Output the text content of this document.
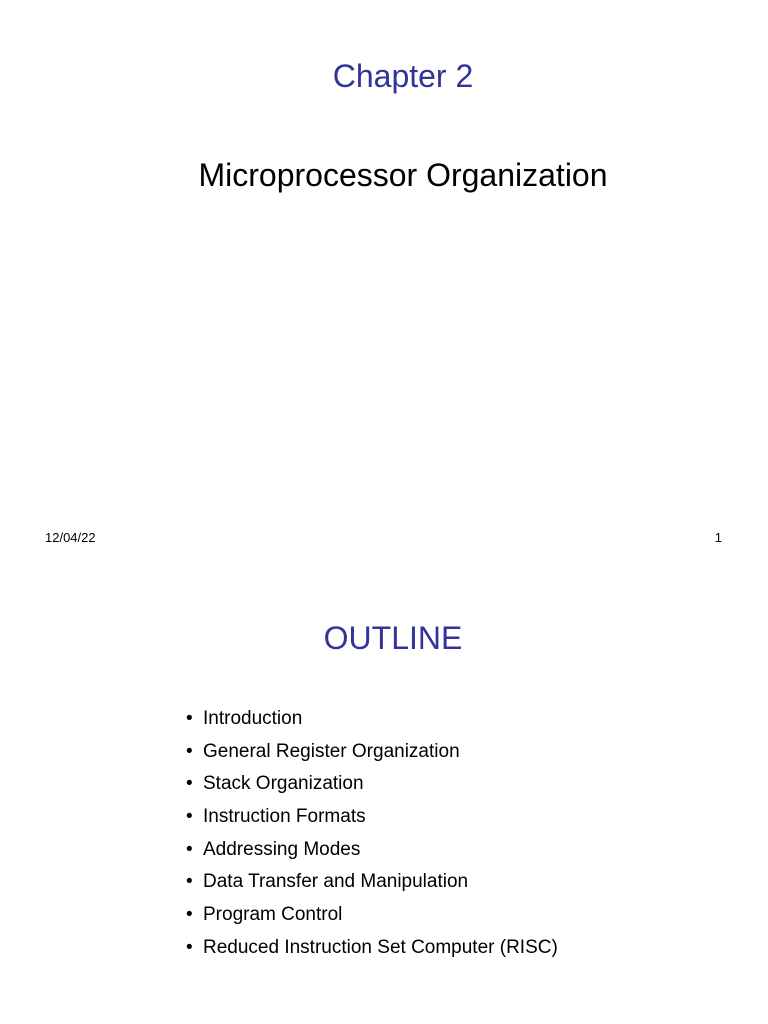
Chapter 2
Microprocessor Organization
12/04/22	1
OUTLINE
• Introduction
• General Register Organization
• Stack Organization
• Instruction Formats
• Addressing Modes
• Data Transfer and Manipulation
• Program Control
• Reduced Instruction Set Computer (RISC)
